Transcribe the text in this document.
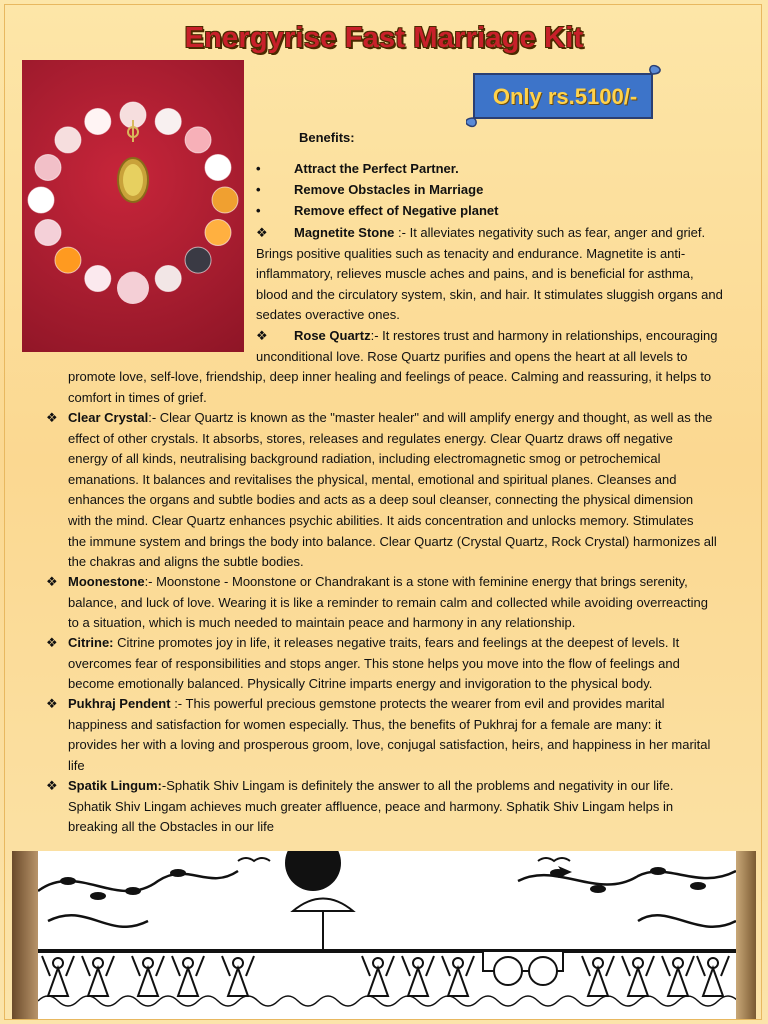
Energyrise Fast Marriage Kit
Only rs.5100/-
Benefits:
•	Attract the Perfect Partner.
•	Remove Obstacles in Marriage
•	Remove effect of Negative planet
❖	Magnetite Stone :- It alleviates negativity such as fear, anger and grief.
Brings positive qualities such as tenacity and endurance. Magnetite is anti-
inflammatory, relieves muscle aches and pains, and is beneficial for asthma,
blood and the circulatory system, skin, and hair. It stimulates sluggish organs and
sedates overactive ones.
❖	Rose Quartz:- It restores trust and harmony in relationships, encouraging
unconditional love. Rose Quartz purifies and opens the heart at all levels to
promote love, self-love, friendship, deep inner healing and feelings of peace. Calming and reassuring, it helps to
comfort in times of grief.
❖ Clear Crystal:- Clear Quartz is known as the "master healer" and will amplify energy and thought, as well as the
effect of other crystals. It absorbs, stores, releases and regulates energy. Clear Quartz draws off negative
energy of all kinds, neutralising background radiation, including electromagnetic smog or petrochemical
emanations. It balances and revitalises the physical, mental, emotional and spiritual planes. Cleanses and
enhances the organs and subtle bodies and acts as a deep soul cleanser, connecting the physical dimension
with the mind. Clear Quartz enhances psychic abilities. It aids concentration and unlocks memory. Stimulates
the immune system and brings the body into balance. Clear Quartz (Crystal Quartz, Rock Crystal) harmonizes all
the chakras and aligns the subtle bodies.
❖ Moonestone:- Moonstone - Moonstone or Chandrakant is a stone with feminine energy that brings serenity,
balance, and luck of love. Wearing it is like a reminder to remain calm and collected while avoiding overreacting
to a situation, which is much needed to maintain peace and harmony in any relationship.
❖ Citrine: Citrine promotes joy in life, it releases negative traits, fears and feelings at the deepest of levels. It
overcomes fear of responsibilities and stops anger. This stone helps you move into the flow of feelings and
become emotionally balanced. Physically Citrine imparts energy and invigoration to the physical body.
❖ Pukhraj Pendent :- This powerful precious gemstone protects the wearer from evil and provides marital
happiness and satisfaction for women especially. Thus, the benefits of Pukhraj for a female are many: it
provides her with a loving and prosperous groom, love, conjugal satisfaction, heirs, and happiness in her marital
life
❖ Spatik Lingum:-Sphatik Shiv Lingam is definitely the answer to all the problems and negativity in our life.
Sphatik Shiv Lingam achieves much greater affluence, peace and harmony. Sphatik Shiv Lingam helps in
breaking all the Obstacles in our life
